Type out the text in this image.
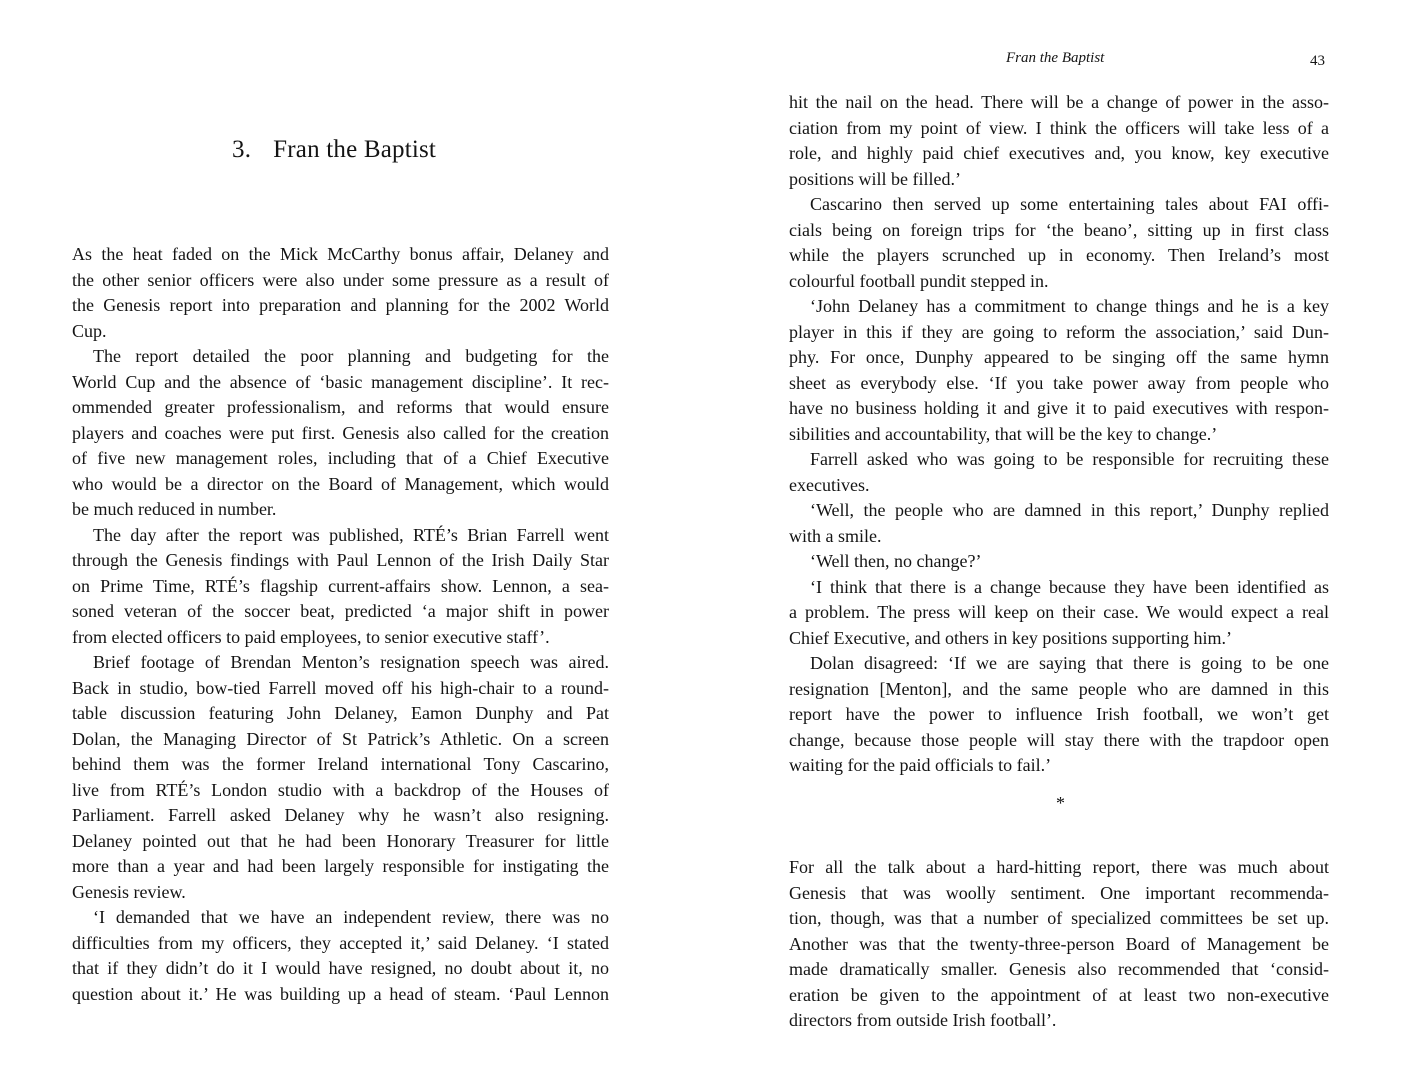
3. Fran the Baptist
As the heat faded on the Mick McCarthy bonus affair, Delaney and
the other senior officers were also under some pressure as a result of
the Genesis report into preparation and planning for the 2002 World
Cup.
The report detailed the poor planning and budgeting for the
World Cup and the absence of ‘basic management discipline’. It rec-
ommended greater professionalism, and reforms that would ensure
players and coaches were put first. Genesis also called for the creation
of five new management roles, including that of a Chief Executive
who would be a director on the Board of Management, which would
be much reduced in number.
The day after the report was published, RTÉ’s Brian Farrell went
through the Genesis findings with Paul Lennon of the Irish Daily Star
on Prime Time, RTÉ’s flagship current-affairs show. Lennon, a sea-
soned veteran of the soccer beat, predicted ‘a major shift in power
from elected officers to paid employees, to senior executive staff’.
Brief footage of Brendan Menton’s resignation speech was aired.
Back in studio, bow-tied Farrell moved off his high-chair to a round-
table discussion featuring John Delaney, Eamon Dunphy and Pat
Dolan, the Managing Director of St Patrick’s Athletic. On a screen
behind them was the former Ireland international Tony Cascarino,
live from RTÉ’s London studio with a backdrop of the Houses of
Parliament. Farrell asked Delaney why he wasn’t also resigning.
Delaney pointed out that he had been Honorary Treasurer for little
more than a year and had been largely responsible for instigating the
Genesis review.
‘I demanded that we have an independent review, there was no
difficulties from my officers, they accepted it,’ said Delaney. ‘I stated
that if they didn’t do it I would have resigned, no doubt about it, no
question about it.’ He was building up a head of steam. ‘Paul Lennon
Fran the Baptist	43
hit the nail on the head. There will be a change of power in the asso-
ciation from my point of view. I think the officers will take less of a
role, and highly paid chief executives and, you know, key executive
positions will be filled.’
Cascarino then served up some entertaining tales about FAI offi-
cials being on foreign trips for ‘the beano’, sitting up in first class
while the players scrunched up in economy. Then Ireland’s most
colourful football pundit stepped in.
‘John Delaney has a commitment to change things and he is a key
player in this if they are going to reform the association,’ said Dun-
phy. For once, Dunphy appeared to be singing off the same hymn
sheet as everybody else. ‘If you take power away from people who
have no business holding it and give it to paid executives with respon-
sibilities and accountability, that will be the key to change.’
Farrell asked who was going to be responsible for recruiting these
executives.
‘Well, the people who are damned in this report,’ Dunphy replied
with a smile.
‘Well then, no change?’
‘I think that there is a change because they have been identified as
a problem. The press will keep on their case. We would expect a real
Chief Executive, and others in key positions supporting him.’
Dolan disagreed: ‘If we are saying that there is going to be one
resignation [Menton], and the same people who are damned in this
report have the power to influence Irish football, we won’t get
change, because those people will stay there with the trapdoor open
waiting for the paid officials to fail.’
For all the talk about a hard-hitting report, there was much about
Genesis that was woolly sentiment. One important recommenda-
tion, though, was that a number of specialized committees be set up.
Another was that the twenty-three-person Board of Management be
made dramatically smaller. Genesis also recommended that ‘consid-
eration be given to the appointment of at least two non-executive
directors from outside Irish football’.
*
